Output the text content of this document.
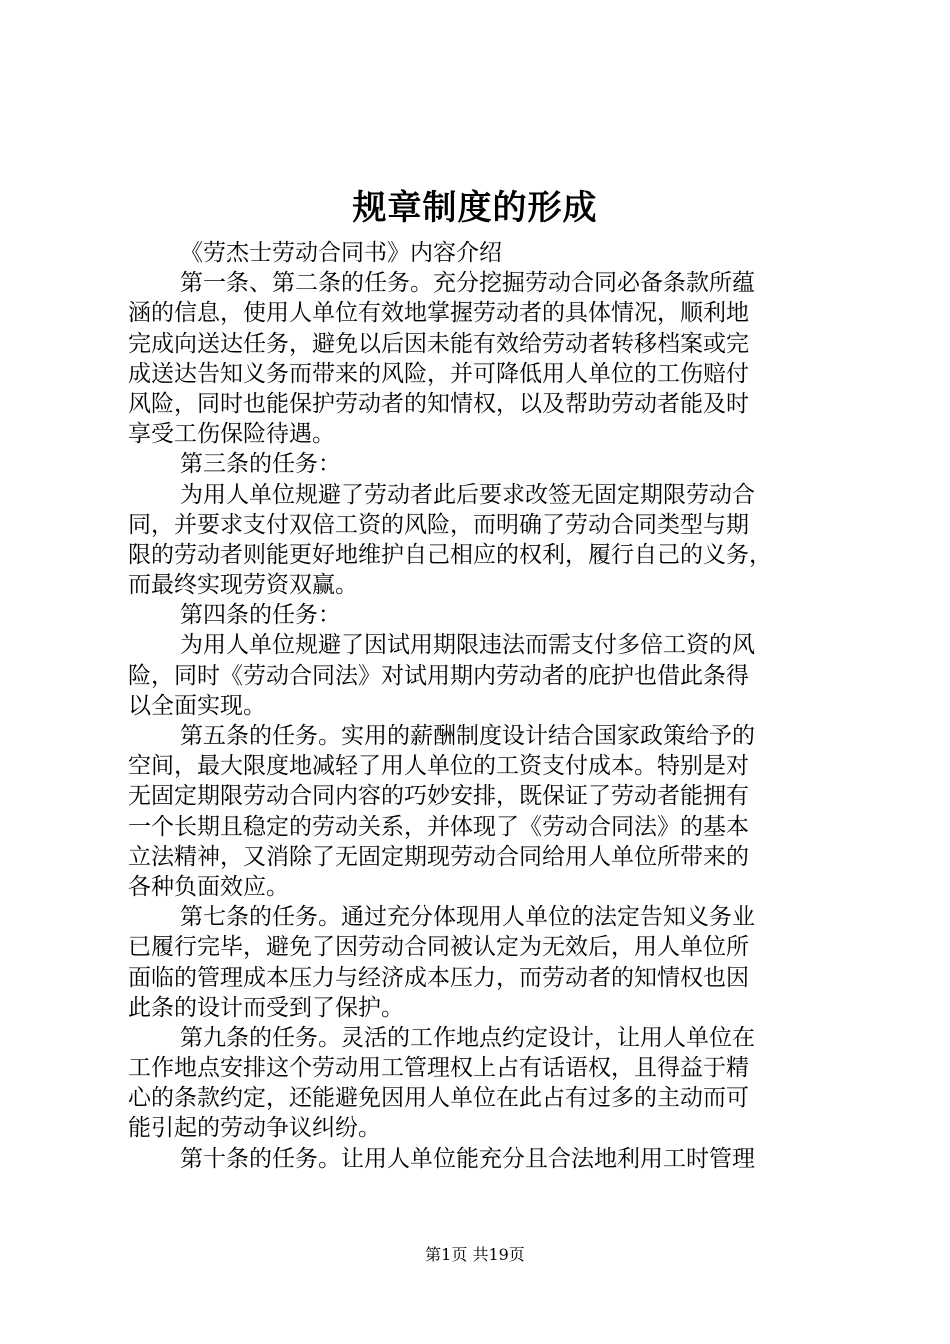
规章制度的形成
《劳杰士劳动合同书》内容介绍
第一条、第二条的任务。充分挖掘劳动合同必备条款所蕴
涵的信息，使用人单位有效地掌握劳动者的具体情况，顺利地
完成向送达任务，避免以后因未能有效给劳动者转移档案或完
成送达告知义务而带来的风险，并可降低用人单位的工伤赔付
风险，同时也能保护劳动者的知情权，以及帮助劳动者能及时
享受工伤保险待遇。
第三条的任务：
为用人单位规避了劳动者此后要求改签无固定期限劳动合
同，并要求支付双倍工资的风险，而明确了劳动合同类型与期
限的劳动者则能更好地维护自己相应的权利，履行自己的义务，
而最终实现劳资双赢。
第四条的任务：
为用人单位规避了因试用期限违法而需支付多倍工资的风
险，同时《劳动合同法》对试用期内劳动者的庇护也借此条得
以全面实现。
第五条的任务。实用的薪酬制度设计结合国家政策给予的
空间，最大限度地减轻了用人单位的工资支付成本。特别是对
无固定期限劳动合同内容的巧妙安排，既保证了劳动者能拥有
一个长期且稳定的劳动关系，并体现了《劳动合同法》的基本
立法精神，又消除了无固定期现劳动合同给用人单位所带来的
各种负面效应。
第七条的任务。通过充分体现用人单位的法定告知义务业
已履行完毕，避免了因劳动合同被认定为无效后，用人单位所
面临的管理成本压力与经济成本压力，而劳动者的知情权也因
此条的设计而受到了保护。
第九条的任务。灵活的工作地点约定设计，让用人单位在
工作地点安排这个劳动用工管理权上占有话语权，且得益于精
心的条款约定，还能避免因用人单位在此占有过多的主动而可
能引起的劳动争议纠纷。
第十条的任务。让用人单位能充分且合法地利用工时管理
第1页 共19页
